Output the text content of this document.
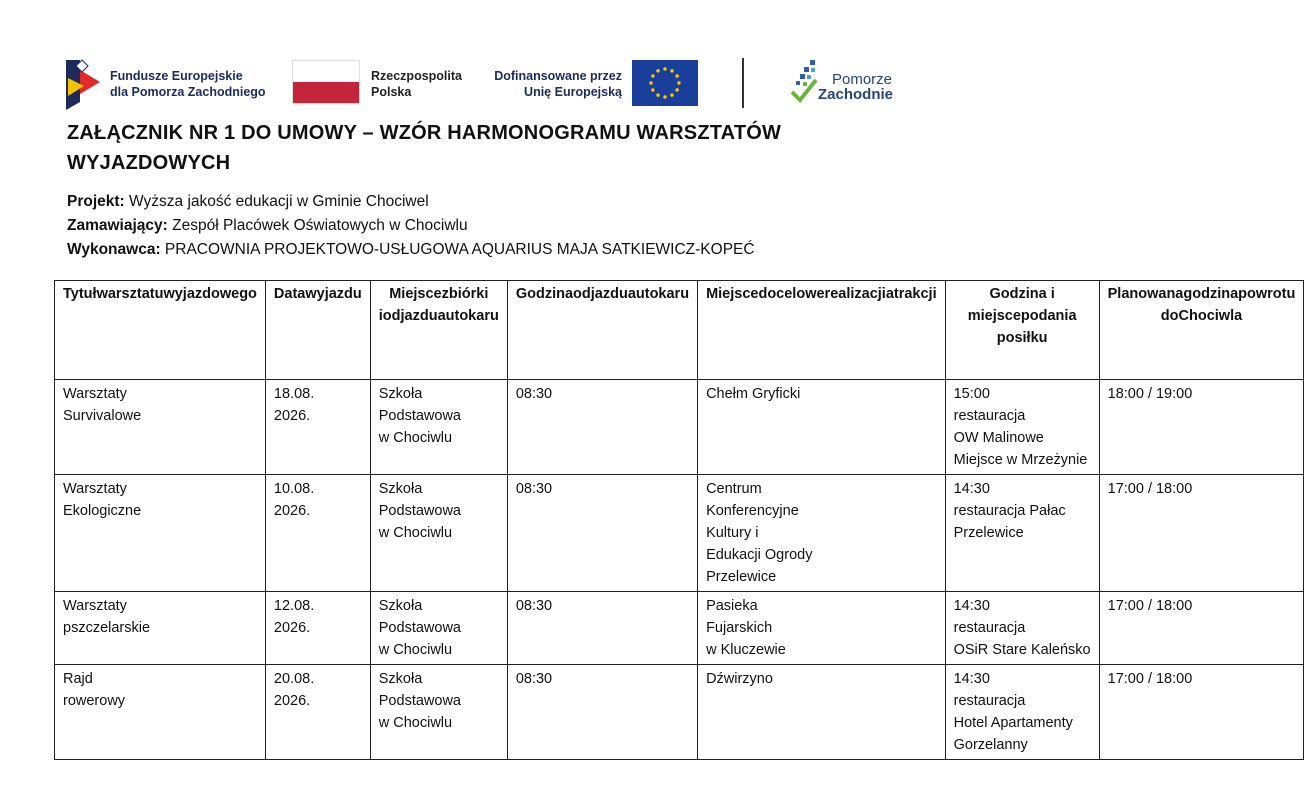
Fundusze Europejskie
dla Pomorza Zachodniego
Rzeczpospolita
Polska
Dofinansowane przez
Unię Europejską
Pomorze
Zachodnie
ZAŁĄCZNIK NR 1 DO UMOWY – WZÓR HARMONOGRAMU WARSZTATÓW
WYJAZDOWYCH
Projekt: Wyższa jakość edukacji w Gminie Chociwel
Zamawiający: Zespół Placówek Oświatowych w Chociwlu
Wykonawca: PRACOWNIA PROJEKTOWO-USŁUGOWA AQUARIUS MAJA SATKIEWICZ-KOPEĆ
Tytułwarsztatuwyjazdowego	Datawyjazdu	Miejscezbiórki iodjazduautokaru	Godzinaodjazduautokaru	Miejscedocelowerealizacjiatrakcji	Godzina i miejscepodania posiłku	Planowanagodzinapowrotu doChociwla

Warsztaty
Survivalowe	18.08.
2026.	Szkoła
Podstawowa
w Chociwlu	08:30	Chełm Gryficki	15:00
restauracja
OW Malinowe
Miejsce w Mrzeżynie	18:00 / 19:00

Warsztaty
Ekologiczne	10.08.
2026.	Szkoła
Podstawowa
w Chociwlu	08:30	Centrum
Konferencyjne
Kultury i
Edukacji Ogrody
Przelewice	14:30
restauracja Pałac
Przelewice	17:00 / 18:00

Warsztaty
pszczelarskie	12.08.
2026.	Szkoła
Podstawowa
w Chociwlu	08:30	Pasieka
Fujarskich
w Kluczewie	14:30
restauracja
OSiR Stare Kaleńsko	17:00 / 18:00

Rajd
rowerowy	20.08.
2026.	Szkoła
Podstawowa
w Chociwlu	08:30	Dźwirzyno	14:30
restauracja
Hotel Apartamenty
Gorzelanny	17:00 / 18:00
